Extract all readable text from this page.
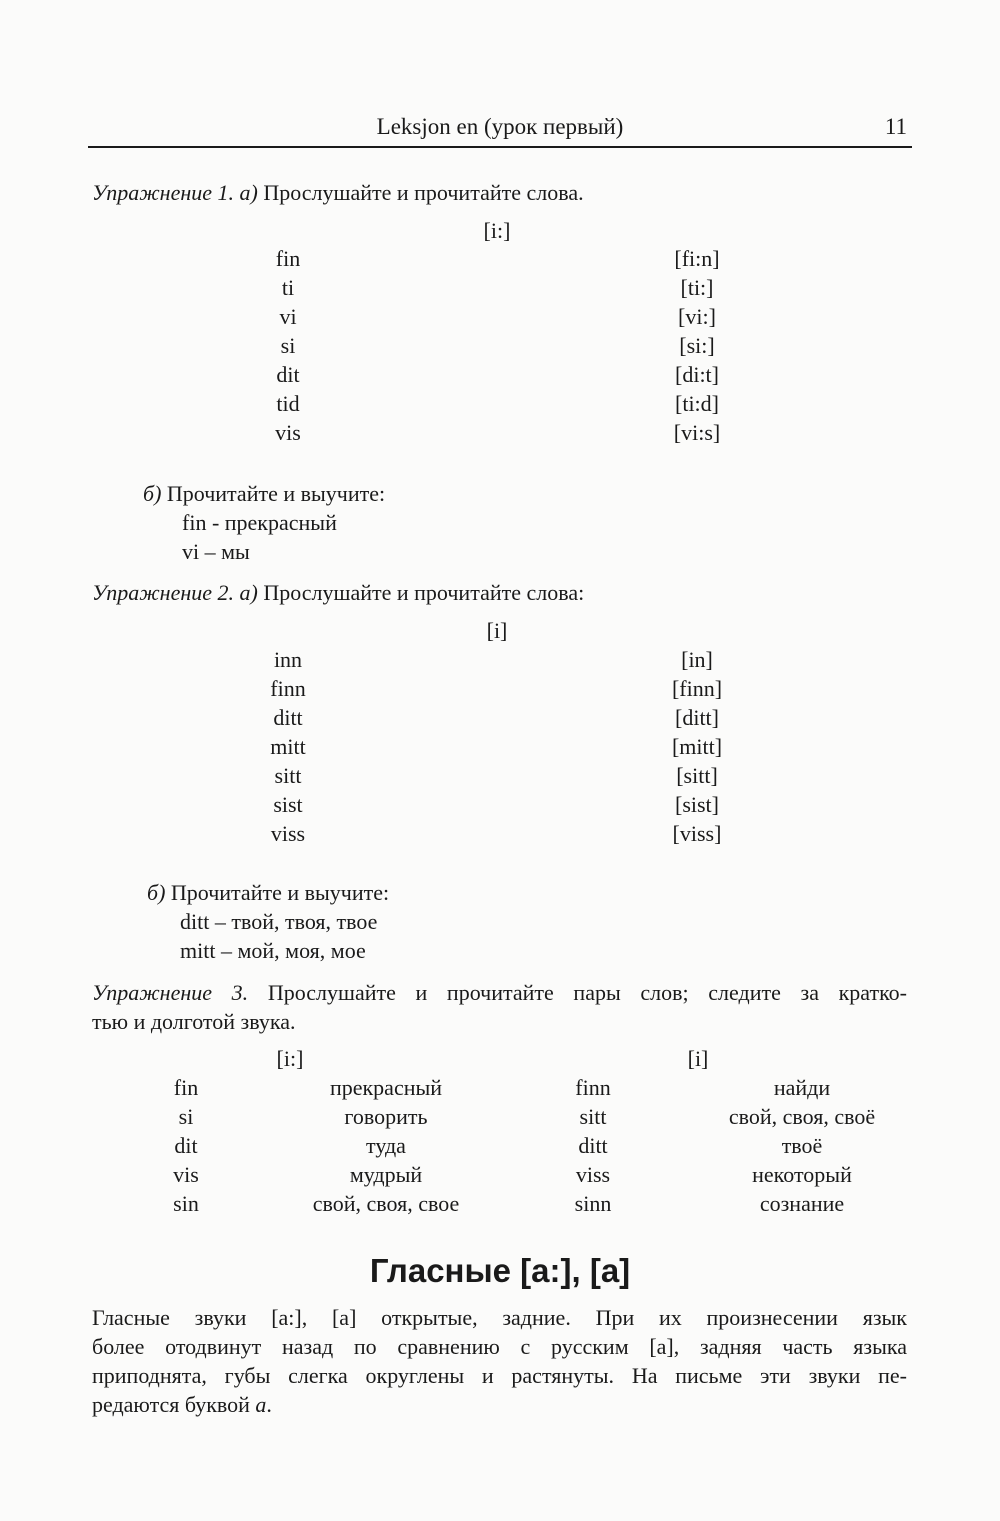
Leksjon en (урок первый)	11
Упражнение 1. а) Прослушайте и прочитайте слова.
[i:]
fin	[fi:n]
ti	[ti:]
vi	[vi:]
si	[si:]
dit	[di:t]
tid	[ti:d]
vis	[vi:s]
б) Прочитайте и выучите:
fin - прекрасный
vi – мы
Упражнение 2. а) Прослушайте и прочитайте слова:
[i]
inn	[in]
finn	[finn]
ditt	[ditt]
mitt	[mitt]
sitt	[sitt]
sist	[sist]
viss	[viss]
б) Прочитайте и выучите:
ditt – твой, твоя, твое
mitt – мой, моя, мое
Упражнение 3. Прослушайте и прочитайте пары слов; следите за кратко-
тью и долготой звука.
[i:]	[i]
fin	прекрасный	finn	найди
si	говорить	sitt	свой, своя, своё
dit	туда	ditt	твоё
vis	мудрый	viss	некоторый
sin	свой, своя, свое	sinn	сознание
Гласные [a:], [a]
Гласные звуки [a:], [a] открытые, задние. При их произнесении язык
более отодвинут назад по сравнению с русским [а], задняя часть языка
приподнята, губы слегка округлены и растянуты. На письме эти звуки пе-
редаются буквой a.
